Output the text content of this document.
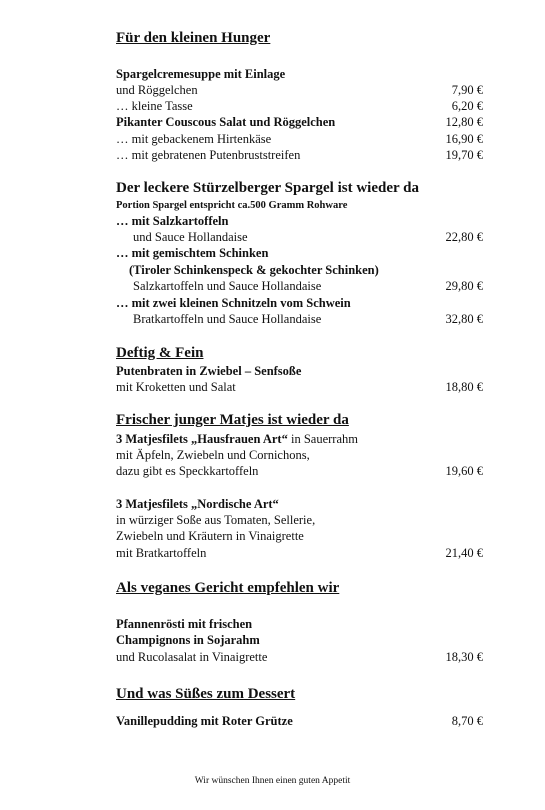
Für den kleinen Hunger
Spargelcremesuppe mit Einlage
und Röggelchen	7,90 €
… kleine Tasse	6,20 €
Pikanter Couscous Salat und Röggelchen	12,80 €
… mit gebackenem Hirtenkäse	16,90 €
… mit gebratenen Putenbruststreifen	19,70 €
Der leckere Stürzelberger Spargel ist wieder da
Portion Spargel entspricht ca.500 Gramm Rohware
… mit Salzkartoffeln
und Sauce Hollandaise	22,80 €
… mit gemischtem Schinken
(Tiroler Schinkenspeck & gekochter Schinken)
Salzkartoffeln und Sauce Hollandaise	29,80 €
… mit zwei kleinen Schnitzeln vom Schwein
Bratkartoffeln und Sauce Hollandaise	32,80 €
Deftig & Fein
Putenbraten in Zwiebel – Senfsoße
mit Kroketten und Salat	18,80 €
Frischer junger Matjes ist wieder da
3 Matjesfilets „Hausfrauen Art“ in Sauerrahm
mit Äpfeln, Zwiebeln und Cornichons,
dazu gibt es Speckkartoffeln	19,60 €
3 Matjesfilets „Nordische Art“
in würziger Soße aus Tomaten, Sellerie,
Zwiebeln und Kräutern in Vinaigrette
mit Bratkartoffeln	21,40 €
Als veganes Gericht empfehlen wir
Pfannenrösti mit frischen
Champignons in Sojarahm
und Rucolasalat in Vinaigrette	18,30 €
Und was Süßes zum Dessert
Vanillepudding mit Roter Grütze	8,70 €
Wir wünschen Ihnen einen guten Appetit
